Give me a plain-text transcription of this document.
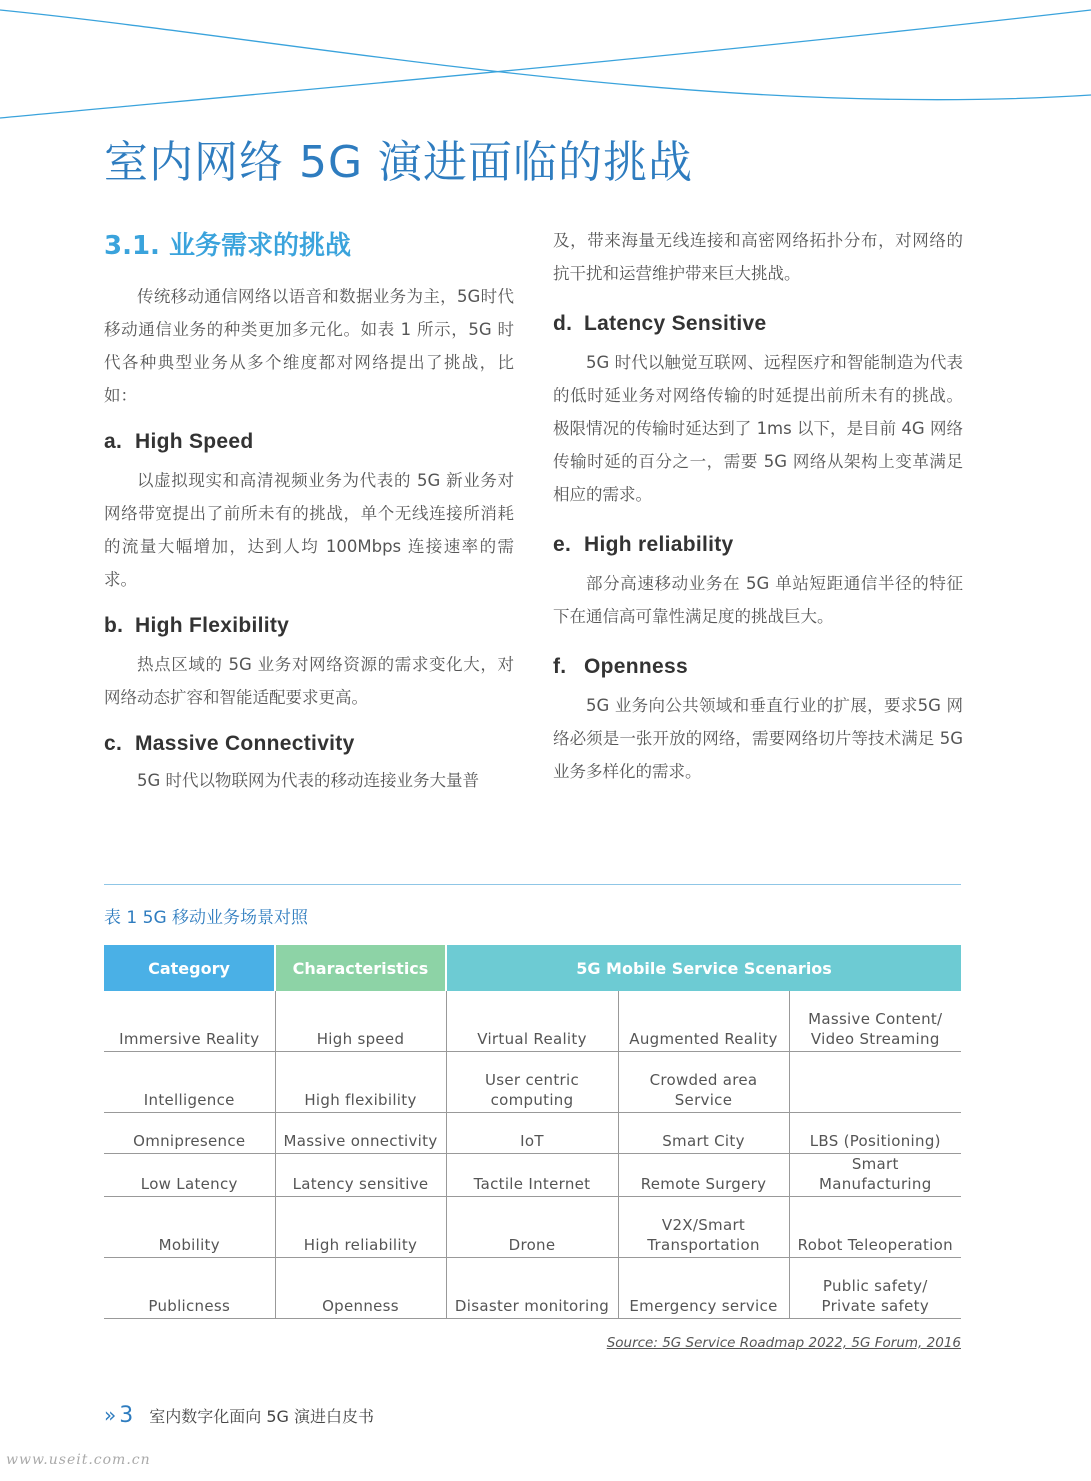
室内网络 5G 演进面临的挑战
3.1. 业务需求的挑战

传统移动通信网络以语音和数据业务为主，5G时代移动通信业务的种类更加多元化。如表 1 所示，5G 时代各种典型业务从多个维度都对网络提出了挑战，比如：

a. High Speed

以虚拟现实和高清视频业务为代表的 5G 新业务对网络带宽提出了前所未有的挑战，单个无线连接所消耗的流量大幅增加，达到人均 100Mbps 连接速率的需求。

b. High Flexibility

热点区域的 5G 业务对网络资源的需求变化大，对网络动态扩容和智能适配要求更高。

c. Massive Connectivity

5G 时代以物联网为代表的移动连接业务大量普

及，带来海量无线连接和高密网络拓扑分布，对网络的抗干扰和运营维护带来巨大挑战。

d. Latency Sensitive

5G 时代以触觉互联网、远程医疗和智能制造为代表的低时延业务对网络传输的时延提出前所未有的挑战。极限情况的传输时延达到了 1ms 以下，是目前 4G 网络传输时延的百分之一，需要 5G 网络从架构上变革满足相应的需求。

e. High reliability

部分高速移动业务在 5G 单站短距通信半径的特征下在通信高可靠性满足度的挑战巨大。

f. Openness

5G 业务向公共领域和垂直行业的扩展，要求5G 网络必须是一张开放的网络，需要网络切片等技术满足 5G 业务多样化的需求。

表 1 5G 移动业务场景对照
Category	Characteristics	5G Mobile Service Scenarios		
Immersive Reality	High speed	Virtual Reality	Augmented Reality	Massive Content/ Video Streaming
Intelligence	High flexibility	User centric computing	Crowded area Service	
Omnipresence	Massive onnectivity	IoT	Smart City	LBS (Positioning)
Low Latency	Latency sensitive	Tactile Internet	Remote Surgery	Smart Manufacturing
Mobility	High reliability	Drone	V2X/Smart Transportation	Robot Teleoperation
Publicness	Openness	Disaster monitoring	Emergency service	Public safety/ Private safety
Source: 5G Service Roadmap 2022, 5G Forum, 2016
» 3 室内数字化面向 5G 演进白皮书
www.useit.com.cn
